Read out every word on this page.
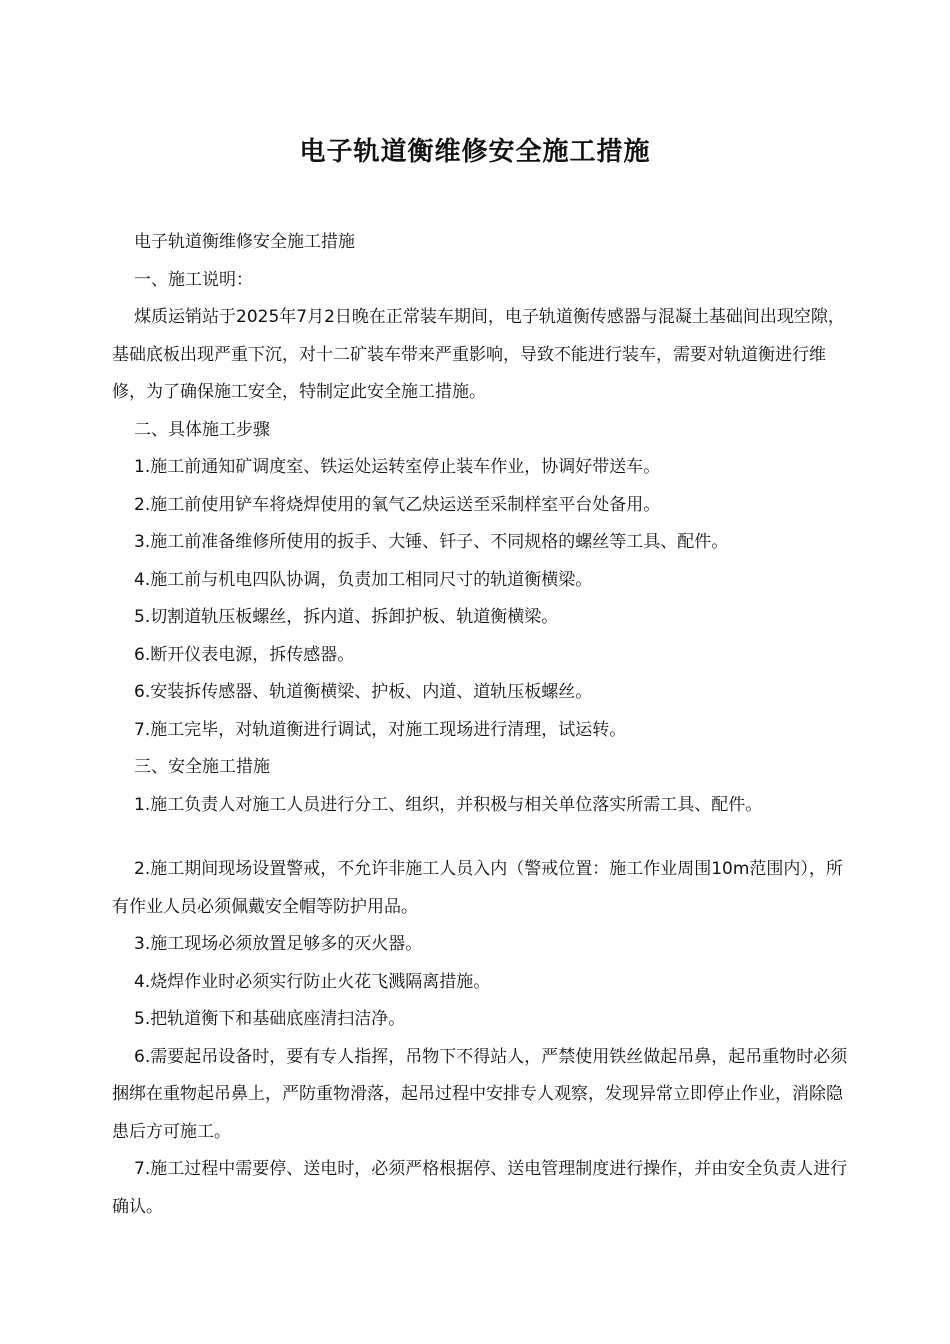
电子轨道衡维修安全施工措施

电子轨道衡维修安全施工措施

一、施工说明：

煤质运销站于2025年7月2日晚在正常装车期间，电子轨道衡传感器与混凝土基础间出现空隙，基础底板出现严重下沉，对十二矿装车带来严重影响，导致不能进行装车，需要对轨道衡进行维修，为了确保施工安全，特制定此安全施工措施。

二、具体施工步骤

1.施工前通知矿调度室、铁运处运转室停止装车作业，协调好带送车。

2.施工前使用铲车将烧焊使用的氧气乙炔运送至采制样室平台处备用。

3.施工前准备维修所使用的扳手、大锤、钎子、不同规格的螺丝等工具、配件。

4.施工前与机电四队协调，负责加工相同尺寸的轨道衡横梁。

5.切割道轨压板螺丝，拆内道、拆卸护板、轨道衡横梁。

6.断开仪表电源，拆传感器。

6.安装拆传感器、轨道衡横梁、护板、内道、道轨压板螺丝。

7.施工完毕，对轨道衡进行调试，对施工现场进行清理，试运转。

三、安全施工措施

1.施工负责人对施工人员进行分工、组织，并积极与相关单位落实所需工具、配件。

2.施工期间现场设置警戒，不允许非施工人员入内（警戒位置：施工作业周围10m范围内），所有作业人员必须佩戴安全帽等防护用品。

3.施工现场必须放置足够多的灭火器。

4.烧焊作业时必须实行防止火花飞溅隔离措施。

5.把轨道衡下和基础底座清扫洁净。

6.需要起吊设备时，要有专人指挥，吊物下不得站人，严禁使用铁丝做起吊鼻，起吊重物时必须捆绑在重物起吊鼻上，严防重物滑落，起吊过程中安排专人观察，发现异常立即停止作业，消除隐患后方可施工。

7.施工过程中需要停、送电时，必须严格根据停、送电管理制度进行操作，并由安全负责人进行确认。
